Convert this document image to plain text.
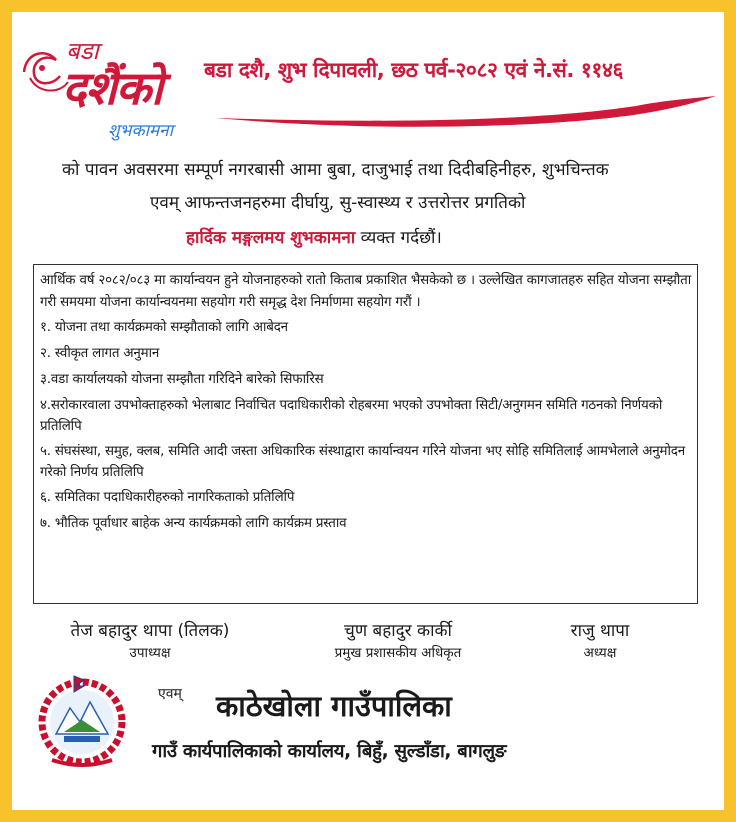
बडा
दशैंको
शुभकामना
बडा दशै, शुभ दिपावली, छठ पर्व-२०८२ एवं ने.सं. ११४६
को पावन अवसरमा सम्पूर्ण नगरबासी आमा बुबा, दाजुभाई तथा दिदीबहिनीहरु, शुभचिन्तक
एवम् आफन्तजनहरुमा दीर्घायु, सु-स्वास्थ्य र उत्तरोत्तर प्रगतिको
हार्दिक मङ्गलमय शुभकामना व्यक्त गर्दछौं।

आर्थिक वर्ष २०८२/०८३ मा कार्यान्वयन हुने योजनाहरुको रातो किताब प्रकाशित भैसकेको छ । उल्लेखित कागजातहरु सहित योजना सम्झौता गरी समयमा योजना कार्यान्वयनमा सहयोग गरी समृद्ध देश निर्माणमा सहयोग गरौं ।

१. योजना तथा कार्यक्रमको सम्झौताको लागि आबेदन

२. स्वीकृत लागत अनुमान

३.वडा कार्यालयको योजना सम्झौता गरिदिने बारेको सिफारिस

४.सरोकारवाला उपभोक्ताहरुको भेलाबाट निर्वाचित पदाधिकारीको रोहबरमा भएको उपभोक्ता सिटी/अनुगमन समिति गठनको निर्णयको प्रतिलिपि

५. संघसंस्था, समुह, क्लब, समिति आदी जस्ता अधिकारिक संस्थाद्वारा कार्यान्वयन गरिने योजना भए सोहि समितिलाई आमभेलाले अनुमोदन गरेको निर्णय प्रतिलिपि

६. समितिका पदाधिकारीहरुको नागरिकताको प्रतिलिपि

७. भौतिक पूर्वाधार बाहेक अन्य कार्यक्रमको लागि कार्यक्रम प्रस्ताव

तेज बहादुर थापा (तिलक)
उपाध्यक्ष
चुण बहादुर कार्की
प्रमुख प्रशासकीय अधिकृत
राजु थापा
अध्यक्ष
एवम् काठेखोला गाउँपालिका
गाउँ कार्यपालिकाको कार्यालय, बिहुँ, सुल्डाँडा, बागलुङ
